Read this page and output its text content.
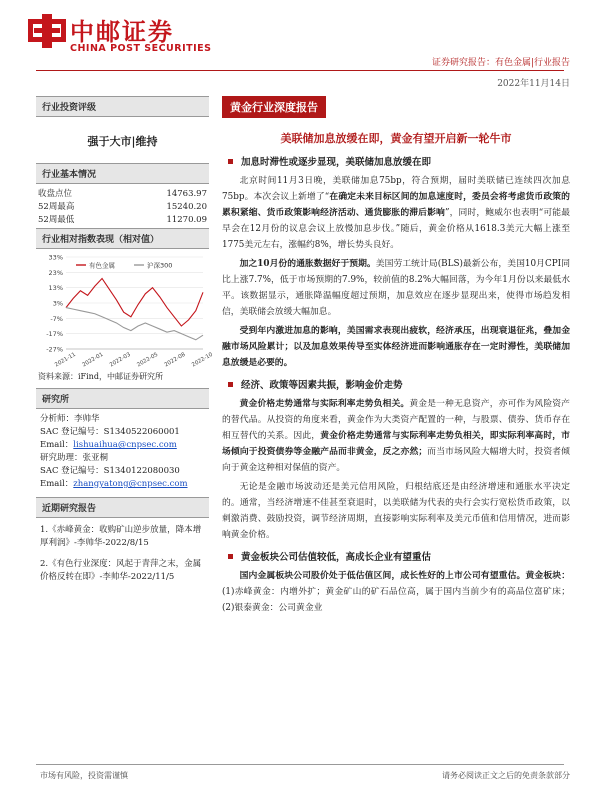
中邮证券
CHINA POST SECURITIES
证券研究报告：有色金属|行业报告
2022年11月14日
行业投资评级
强于大市|维持
行业基本情况
收盘点位	14763.97
52周最高	15240.20
52周最低	11270.09
行业相对指数表现（相对值）
33%
23%
13%
3%
-7%
-17%
-27%
2021-11 2022-01 2022-03 2022-05 2022-08 2022-10
有色金属	沪深300
资料来源：iFind，中邮证券研究所
研究所
分析师：李帅华
SAC 登记编号：S1340522060001
Email：lishuaihua@cnpsec.com
研究助理：张亚桐
SAC 登记编号：S1340122080030
Email：zhangyatong@cnpsec.com
近期研究报告
1.《赤峰黄金：收购矿山逆步放量，降本增厚利润》-李帅华-2022/8/15
2.《有色行业深度：风起于青萍之末，金属价格反转在即》-李帅华-2022/11/5
黄金行业深度报告
美联储加息放缓在即，黄金有望开启新一轮牛市
加息时滞性或逐步显现，美联储加息放缓在即

北京时间11月3日晚，美联储加息75bp，符合预期，届时美联储已连续四次加息75bp。本次会议上新增了“在确定未来目标区间的加息速度时，委员会将考虑货币政策的累积紧缩、货币政策影响经济活动、通货膨胀的滞后影响”，同时，鲍威尔也表明“可能最早会在12月份的议息会议上放慢加息步伐。”随后，黄金价格从1618.3美元大幅上涨至1775美元左右，涨幅约8%，增长势头良好。

加之10月份的通胀数据好于预期。美国劳工统计局(BLS)最新公布，美国10月CPI同比上涨7.7%，低于市场预期的7.9%，较前值的8.2%大幅回落，为今年1月份以来最低水平。该数据显示，通胀降温幅度超过预期，加息效应在逐步显现出来，使得市场趋发相信，美联储会放缓大幅加息。

受到年内激进加息的影响，美国需求表现出疲软，经济承压，出现衰退征兆，叠加金融市场风险累计；以及加息效果传导至实体经济进而影响通胀存在一定时滞性，美联储加息放缓是必要的。

经济、政策等因素共振，影响金价走势

黄金价格走势通常与实际利率走势负相关。黄金是一种无息资产，亦可作为风险资产的替代品。从投资的角度来看，黄金作为大类资产配置的一种，与股票、债券、货币存在相互替代的关系。因此，黄金价格走势通常与实际利率走势负相关，即实际利率高时，市场倾向于投资债券等金融产品而非黄金，反之亦然；而当市场风险大幅增大时，投资者倾向于黄金这种相对保值的资产。

无论是金融市场波动还是美元信用风险，归根结底还是由经济增速和通胀水平决定的。通常，当经济增速不佳甚至衰退时，以美联储为代表的央行会实行宽松货币政策，以刺激消费、鼓励投资，调节经济周期，直接影响实际利率及美元币值和信用情况，进而影响黄金价格。

黄金板块公司估值较低，高成长企业有望重估

国内金属板块公司股价处于低估值区间，成长性好的上市公司有望重估。黄金板块：(1)赤峰黄金：内增外扩；黄金矿山的矿石品位高，属于国内当前少有的高品位富矿床；(2)银泰黄金：公司黄金业

市场有风险，投资需谨慎	请务必阅读正文之后的免责条款部分
